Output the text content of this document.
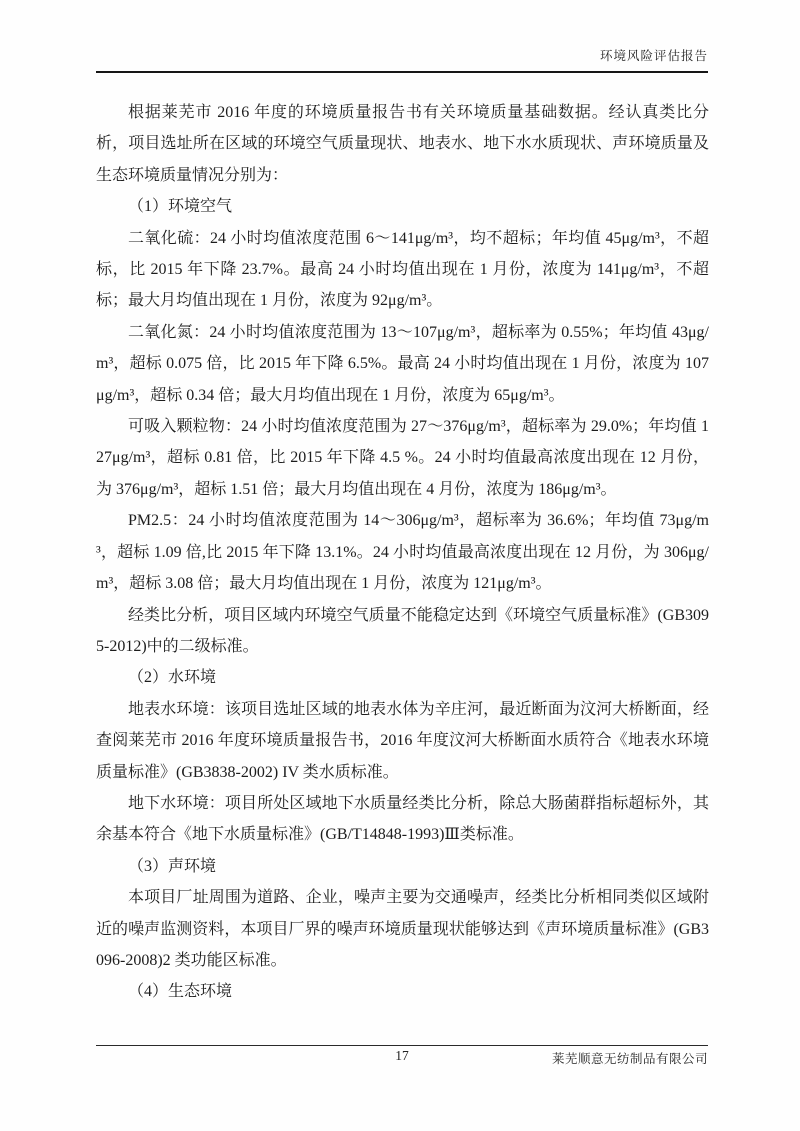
环境风险评估报告

根据莱芜市 2016 年度的环境质量报告书有关环境质量基础数据。经认真类比分析，项目选址所在区域的环境空气质量现状、地表水、地下水水质现状、声环境质量及生态环境质量情况分别为：

（1）环境空气

二氧化硫：24 小时均值浓度范围 6～141μg/m³，均不超标；年均值 45μg/m³，不超标，比 2015 年下降 23.7%。最高 24 小时均值出现在 1 月份，浓度为 141μg/m³，不超标；最大月均值出现在 1 月份，浓度为 92μg/m³。

二氧化氮：24 小时均值浓度范围为 13～107μg/m³，超标率为 0.55%；年均值 43μg/m³，超标 0.075 倍，比 2015 年下降 6.5%。最高 24 小时均值出现在 1 月份，浓度为 107μg/m³，超标 0.34 倍；最大月均值出现在 1 月份，浓度为 65μg/m³。

可吸入颗粒物：24 小时均值浓度范围为 27～376μg/m³，超标率为 29.0%；年均值 127μg/m³，超标 0.81 倍，比 2015 年下降 4.5 %。24 小时均值最高浓度出现在 12 月份，为 376μg/m³，超标 1.51 倍；最大月均值出现在 4 月份，浓度为 186μg/m³。

PM2.5：24 小时均值浓度范围为 14～306μg/m³，超标率为 36.6%；年均值 73μg/m³，超标 1.09 倍,比 2015 年下降 13.1%。24 小时均值最高浓度出现在 12 月份，为 306μg/m³，超标 3.08 倍；最大月均值出现在 1 月份，浓度为 121μg/m³。

经类比分析，项目区域内环境空气质量不能稳定达到《环境空气质量标准》(GB3095-2012)中的二级标准。

（2）水环境

地表水环境：该项目选址区域的地表水体为辛庄河，最近断面为汶河大桥断面，经查阅莱芜市 2016 年度环境质量报告书，2016 年度汶河大桥断面水质符合《地表水环境质量标准》(GB3838-2002) IV 类水质标准。

地下水环境：项目所处区域地下水质量经类比分析，除总大肠菌群指标超标外，其余基本符合《地下水质量标准》(GB/T14848-1993)Ⅲ类标准。

（3）声环境

本项目厂址周围为道路、企业，噪声主要为交通噪声，经类比分析相同类似区域附近的噪声监测资料，本项目厂界的噪声环境质量现状能够达到《声环境质量标准》(GB3096-2008)2 类功能区标准。

（4）生态环境

17	莱芜顺意无纺制品有限公司
